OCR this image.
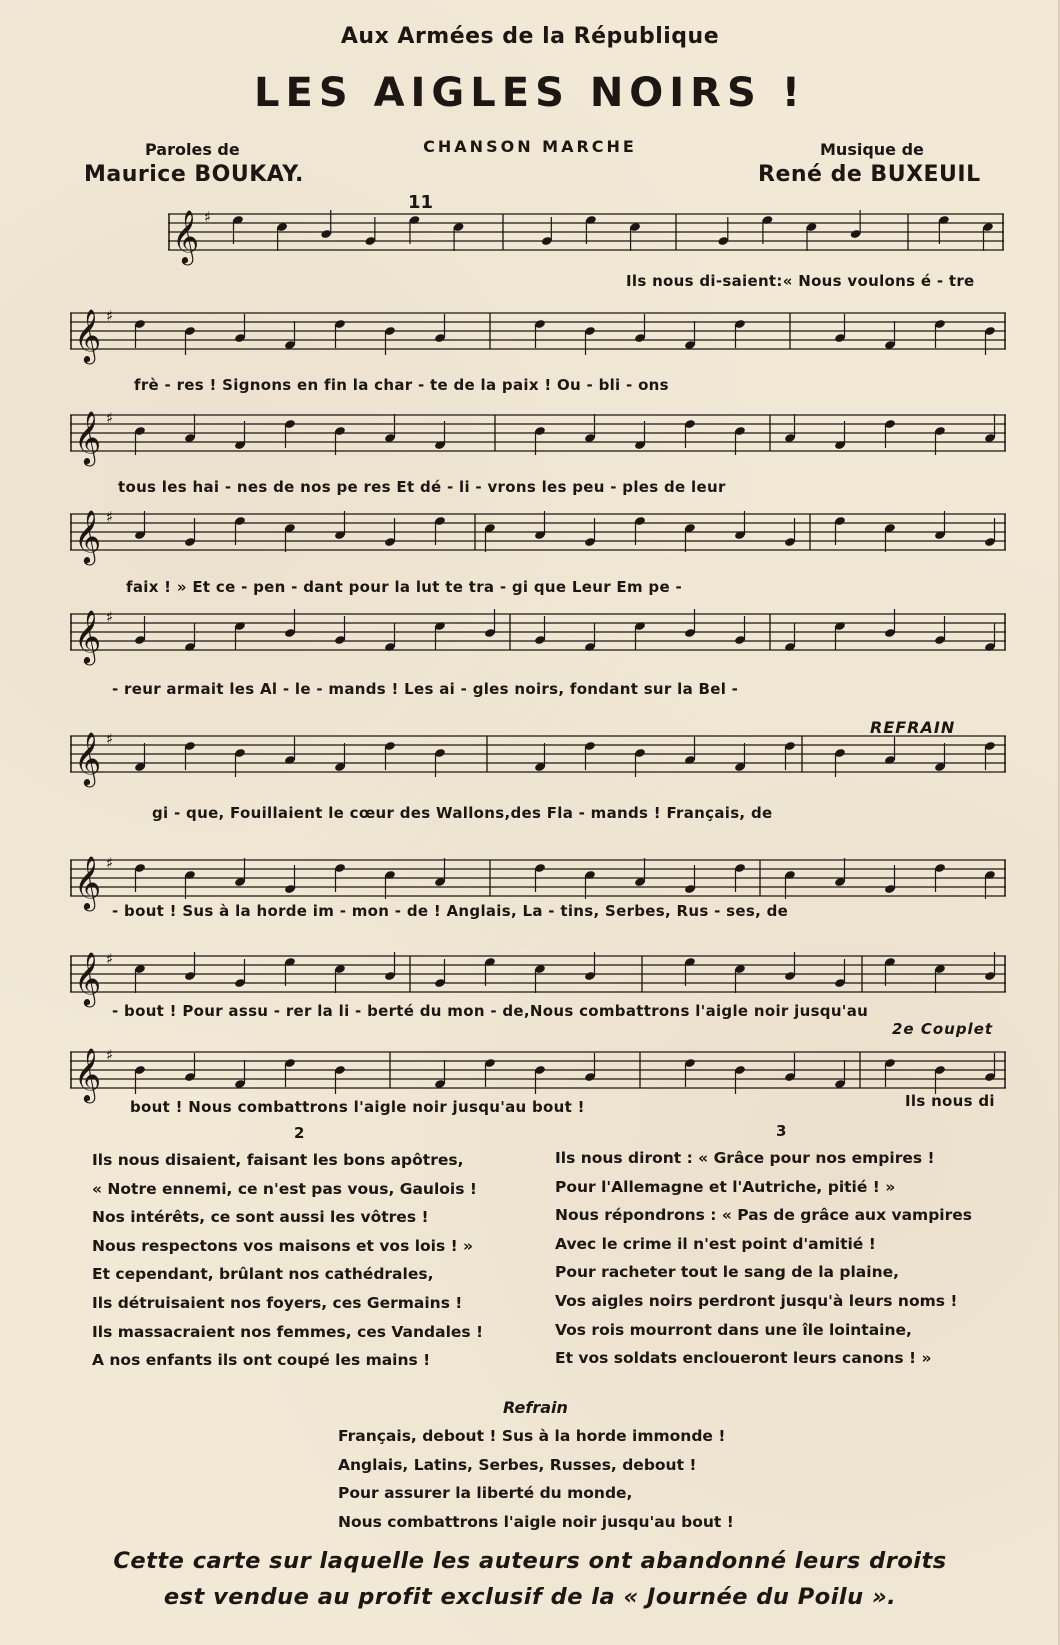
Aux Armées de la République
LES AIGLES NOIRS !
Paroles de
Maurice BOUKAY.
CHANSON MARCHE	Musique de
René de BUXEUIL
11
𝄞 ♯
Ils nous di-saient:« Nous voulons é - tre
𝄞 ♯
frè - res ! Signons en fin la char - te de la paix ! Ou - bli - ons
𝄞 ♯
tous les hai - nes de nos pe res Et dé - li - vrons les peu - ples de leur
𝄞 ♯
faix ! » Et ce - pen - dant pour la lut te tra - gi que Leur Em pe -
𝄞 ♯
- reur armait les Al - le - mands ! Les ai - gles noirs, fondant sur la Bel -
𝄞 ♯
gi - que, Fouillaient le cœur des Wallons,des Fla - mands ! Français, de
𝄞 ♯
- bout ! Sus à la horde im - mon - de ! Anglais, La - tins, Serbes, Rus - ses, de
𝄞 ♯
- bout ! Pour assu - rer la li - berté du mon - de,Nous combattrons l'aigle noir jusqu'au
𝄞 ♯
bout ! Nous combattrons l'aigle noir jusqu'au bout !	Ils nous di
REFRAIN
2e Couplet
2
Ils nous disaient, faisant les bons apôtres,
« Notre ennemi, ce n'est pas vous, Gaulois !
Nos intérêts, ce sont aussi les vôtres !
Nous respectons vos maisons et vos lois ! »
Et cependant, brûlant nos cathédrales,
Ils détruisaient nos foyers, ces Germains !
Ils massacraient nos femmes, ces Vandales !
A nos enfants ils ont coupé les mains !
3
Ils nous diront : « Grâce pour nos empires !
Pour l'Allemagne et l'Autriche, pitié ! »
Nous répondrons : « Pas de grâce aux vampires
Avec le crime il n'est point d'amitié !
Pour racheter tout le sang de la plaine,
Vos aigles noirs perdront jusqu'à leurs noms !
Vos rois mourront dans une île lointaine,
Et vos soldats encloueront leurs canons ! »
Refrain
Français, debout ! Sus à la horde immonde !
Anglais, Latins, Serbes, Russes, debout !
Pour assurer la liberté du monde,
Nous combattrons l'aigle noir jusqu'au bout !
Cette carte sur laquelle les auteurs ont abandonné leurs droits
est vendue au profit exclusif de la « Journée du Poilu ».
